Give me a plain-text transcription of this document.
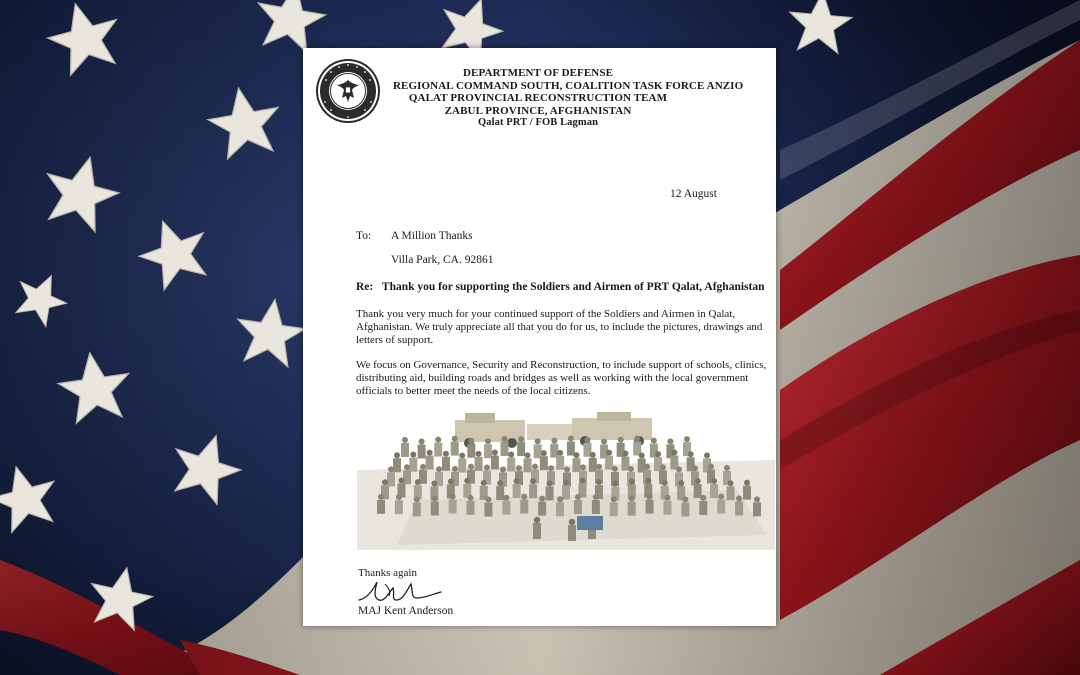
DEPARTMENT OF DEFENSE
REGIONAL COMMAND SOUTH, COALITION TASK FORCE ANZIO
QALAT PROVINCIAL RECONSTRUCTION TEAM
ZABUL PROVINCE, AFGHANISTAN
Qalat PRT / FOB Lagman
12 August
To: A Million Thanks
Villa Park, CA. 92861
Re: Thank you for supporting the Soldiers and Airmen of PRT Qalat, Afghanistan
Thank you very much for your continued support of the Soldiers and Airmen in Qalat, Afghanistan. We truly appreciate all that you do for us, to include the pictures, drawings and letters of support.
We focus on Governance, Security and Reconstruction, to include support of schools, clinics, distributing aid, building roads and bridges as well as working with the local government officials to better meet the needs of the local citizens.
Thanks again
MAJ Kent Anderson
